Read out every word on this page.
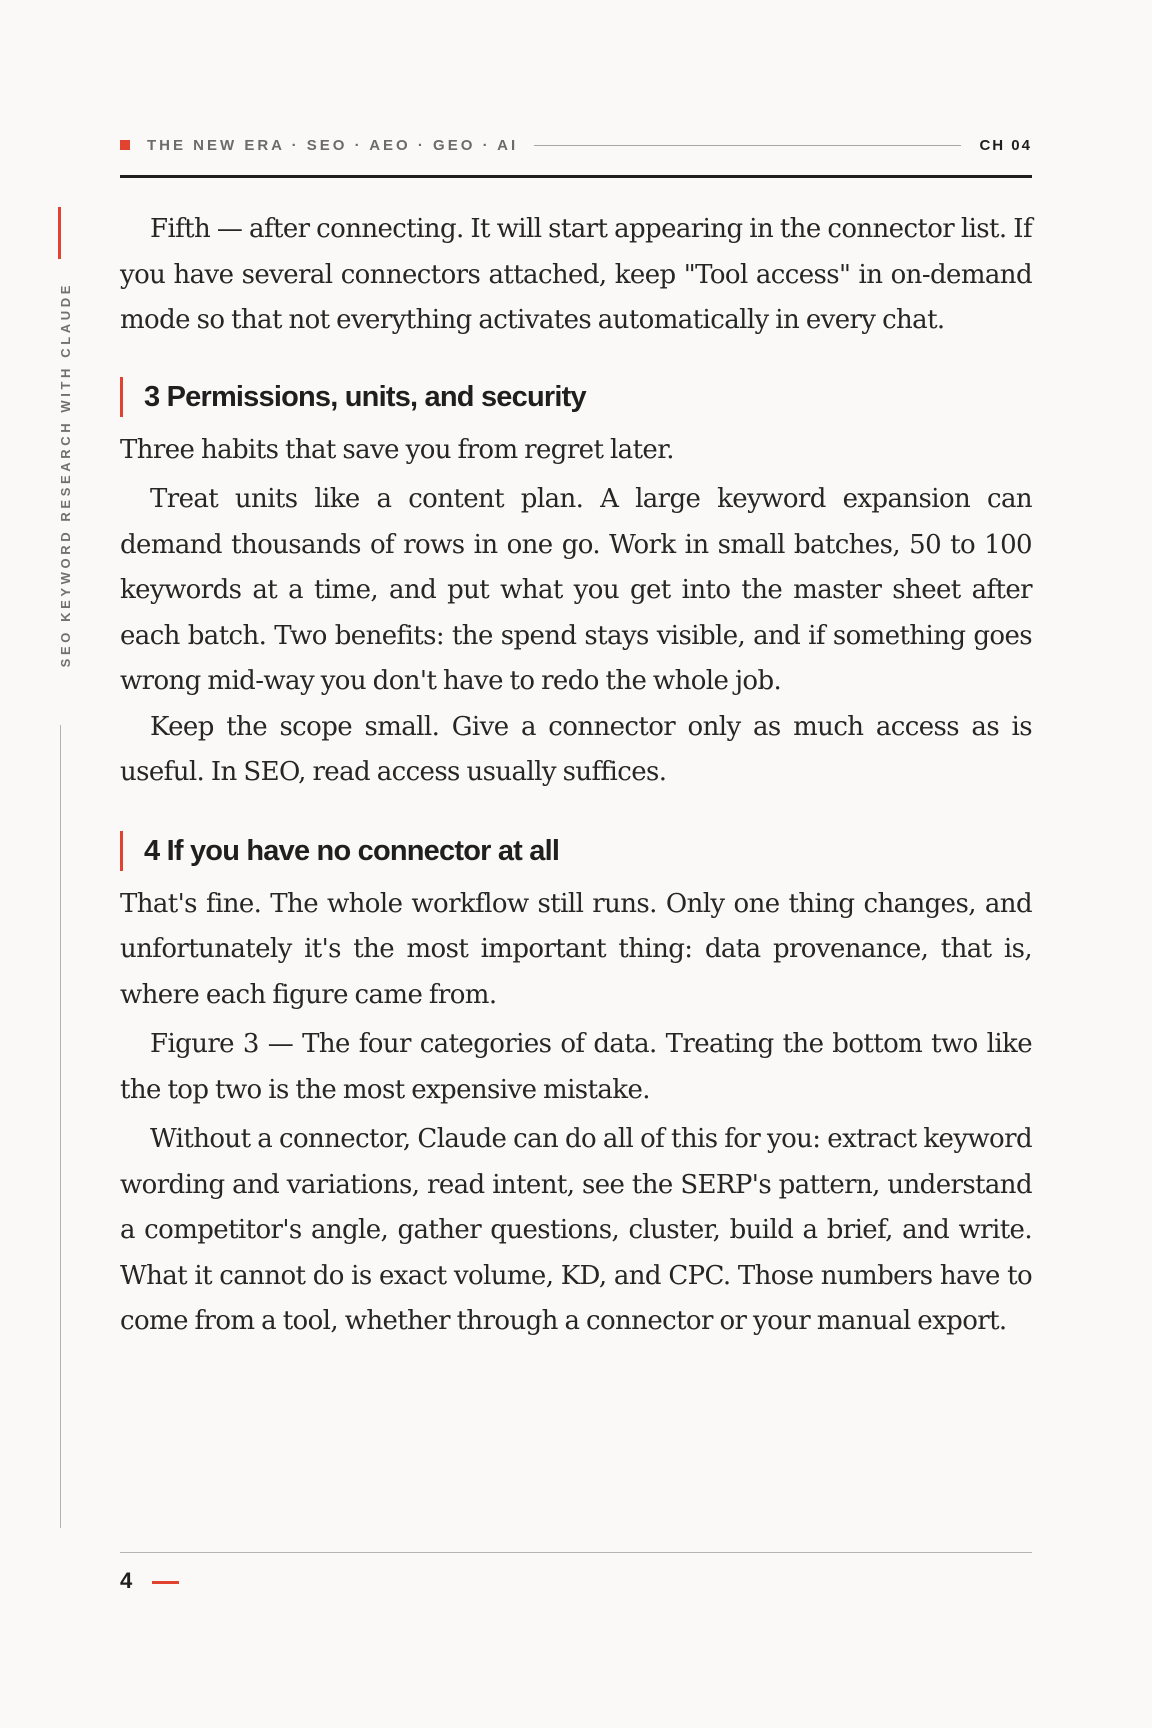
THE NEW ERA · SEO · AEO · GEO · AI	CH 04
SEO KEYWORD RESEARCH WITH CLAUDE

Fifth — after connecting. It will start appearing in the connector list. If you have several connectors attached, keep "Tool access" in on-demand mode so that not everything activates automatically in every chat.

3 Permissions, units, and security

Three habits that save you from regret later.

Treat units like a content plan. A large keyword expansion can demand thousands of rows in one go. Work in small batches, 50 to 100 keywords at a time, and put what you get into the master sheet after each batch. Two benefits: the spend stays visible, and if something goes wrong mid-way you don't have to redo the whole job.

Keep the scope small. Give a connector only as much access as is useful. In SEO, read access usually suffices.

4 If you have no connector at all

That's fine. The whole workflow still runs. Only one thing changes, and unfortunately it's the most important thing: data provenance, that is, where each figure came from.

Figure 3 — The four categories of data. Treating the bottom two like the top two is the most expensive mistake.

Without a connector, Claude can do all of this for you: extract keyword wording and variations, read intent, see the SERP's pattern, understand a competitor's angle, gather questions, cluster, build a brief, and write. What it cannot do is exact volume, KD, and CPC. Those numbers have to come from a tool, whether through a connector or your manual export.

4
